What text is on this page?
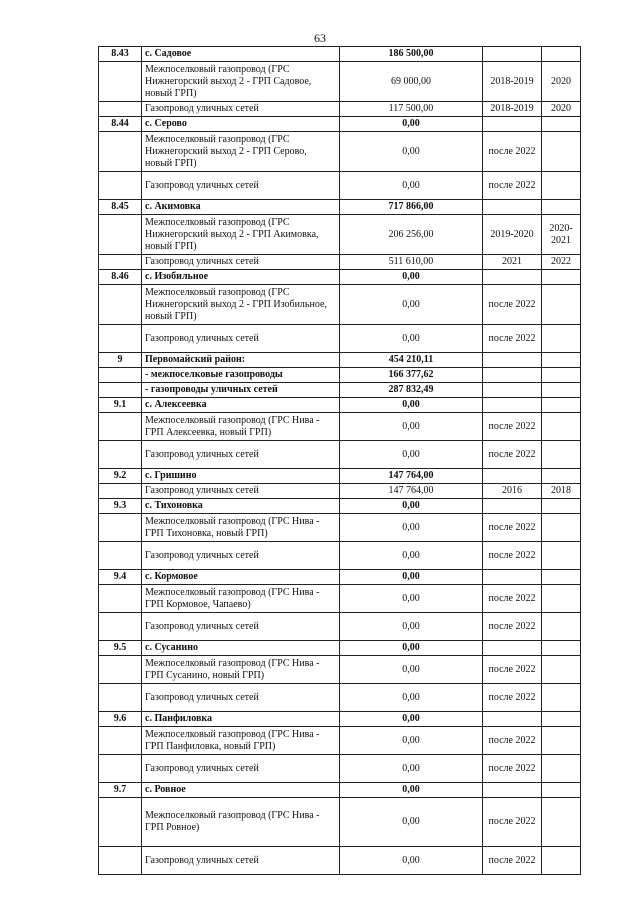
63
8.43	с. Садовое	186 500,00		
	Межпоселковый газопровод (ГРС Нижнегорский выход 2 - ГРП Садовое, новый ГРП)	69 000,00	2018-2019	2020
	Газопровод уличных сетей	117 500,00	2018-2019	2020
8.44	с. Серово	0,00		
	Межпоселковый газопровод (ГРС Нижнегорский выход 2 - ГРП Серово, новый ГРП)	0,00	после 2022	
	Газопровод уличных сетей	0,00	после 2022	
8.45	с. Акимовка	717 866,00		
	Межпоселковый газопровод (ГРС Нижнегорский выход 2 - ГРП Акимовка, новый ГРП)	206 256,00	2019-2020	2020-2021
	Газопровод уличных сетей	511 610,00	2021	2022
8.46	с. Изобильное	0,00		
	Межпоселковый газопровод (ГРС Нижнегорский выход 2 - ГРП Изобильное, новый ГРП)	0,00	после 2022	
	Газопровод уличных сетей	0,00	после 2022	
9	Первомайский район:	454 210,11		
	- межпоселковые газопроводы	166 377,62		
	- газопроводы уличных сетей	287 832,49		
9.1	с. Алексеевка	0,00		
	Межпоселковый газопровод (ГРС Нива - ГРП Алексеевка, новый ГРП)	0,00	после 2022	
	Газопровод уличных сетей	0,00	после 2022	
9.2	с. Гришино	147 764,00		
	Газопровод уличных сетей	147 764,00	2016	2018
9.3	с. Тихоновка	0,00		
	Межпоселковый газопровод (ГРС Нива - ГРП Тихоновка, новый ГРП)	0,00	после 2022	
	Газопровод уличных сетей	0,00	после 2022	
9.4	с. Кормовое	0,00		
	Межпоселковый газопровод (ГРС Нива - ГРП Кормовое, Чапаево)	0,00	после 2022	
	Газопровод уличных сетей	0,00	после 2022	
9.5	с. Сусанино	0,00		
	Межпоселковый газопровод (ГРС Нива - ГРП Сусанино, новый ГРП)	0,00	после 2022	
	Газопровод уличных сетей	0,00	после 2022	
9.6	с. Панфиловка	0,00		
	Межпоселковый газопровод (ГРС Нива - ГРП Панфиловка, новый ГРП)	0,00	после 2022	
	Газопровод уличных сетей	0,00	после 2022	
9.7	с. Ровное	0,00		
	Межпоселковый газопровод (ГРС Нива - ГРП Ровное)	0,00	после 2022	
	Газопровод уличных сетей	0,00	после 2022	
